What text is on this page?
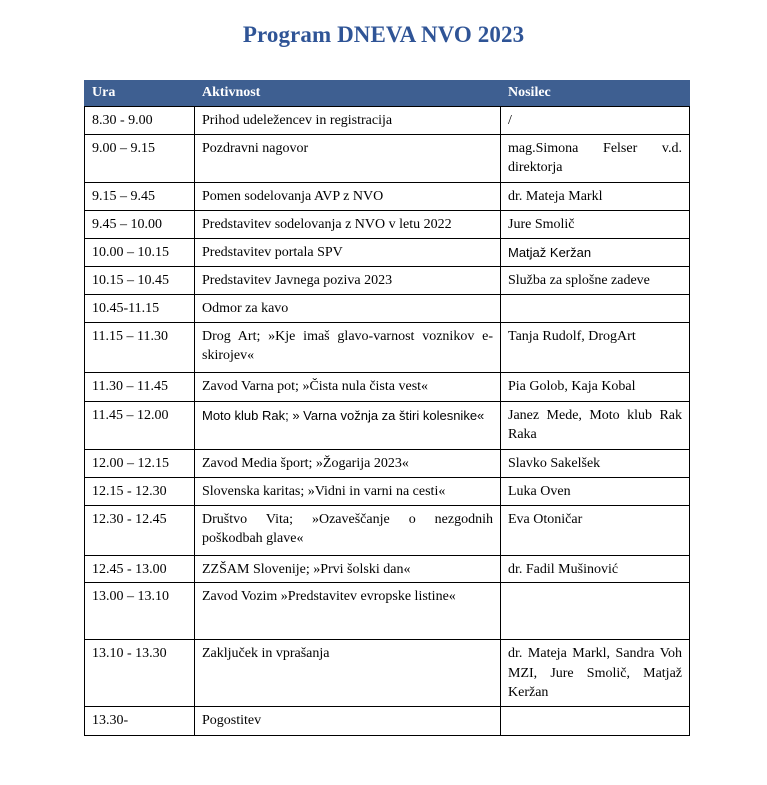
Program DNEVA NVO 2023
Ura	Aktivnost	Nosilec
8.30 - 9.00	Prihod udeležencev in registracija	/
9.00 – 9.15	Pozdravni nagovor	mag.Simona Felser v.d. direktorja
9.15 – 9.45	Pomen sodelovanja AVP z NVO	dr. Mateja Markl
9.45 – 10.00	Predstavitev sodelovanja z NVO v letu 2022	Jure Smolič
10.00 – 10.15	Predstavitev portala SPV	Matjaž Keržan
10.15 – 10.45	Predstavitev Javnega poziva 2023	Služba za splošne zadeve
10.45-11.15	Odmor za kavo	
11.15 – 11.30	Drog Art; »Kje imaš glavo-varnost voznikov e-skirojev«	Tanja Rudolf, DrogArt
11.30 – 11.45	Zavod Varna pot; »Čista nula čista vest«	Pia Golob, Kaja Kobal
11.45 – 12.00	Moto klub Rak; » Varna vožnja za štiri kolesnike«	Janez Mede, Moto klub Rak Raka
12.00 – 12.15	Zavod Media šport; »Žogarija 2023«	Slavko Sakelšek
12.15 - 12.30	Slovenska karitas; »Vidni in varni na cesti«	Luka Oven
12.30 - 12.45	Društvo Vita; »Ozaveščanje o nezgodnih poškodbah glave«	Eva Otoničar
12.45 - 13.00	ZZŠAM Slovenije; »Prvi šolski dan«	dr. Fadil Mušinović
13.00 – 13.10	Zavod Vozim »Predstavitev evropske listine«	
13.10 - 13.30	Zaključek in vprašanja	dr. Mateja Markl, Sandra Voh MZI, Jure Smolič, Matjaž Keržan
13.30-	Pogostitev	
